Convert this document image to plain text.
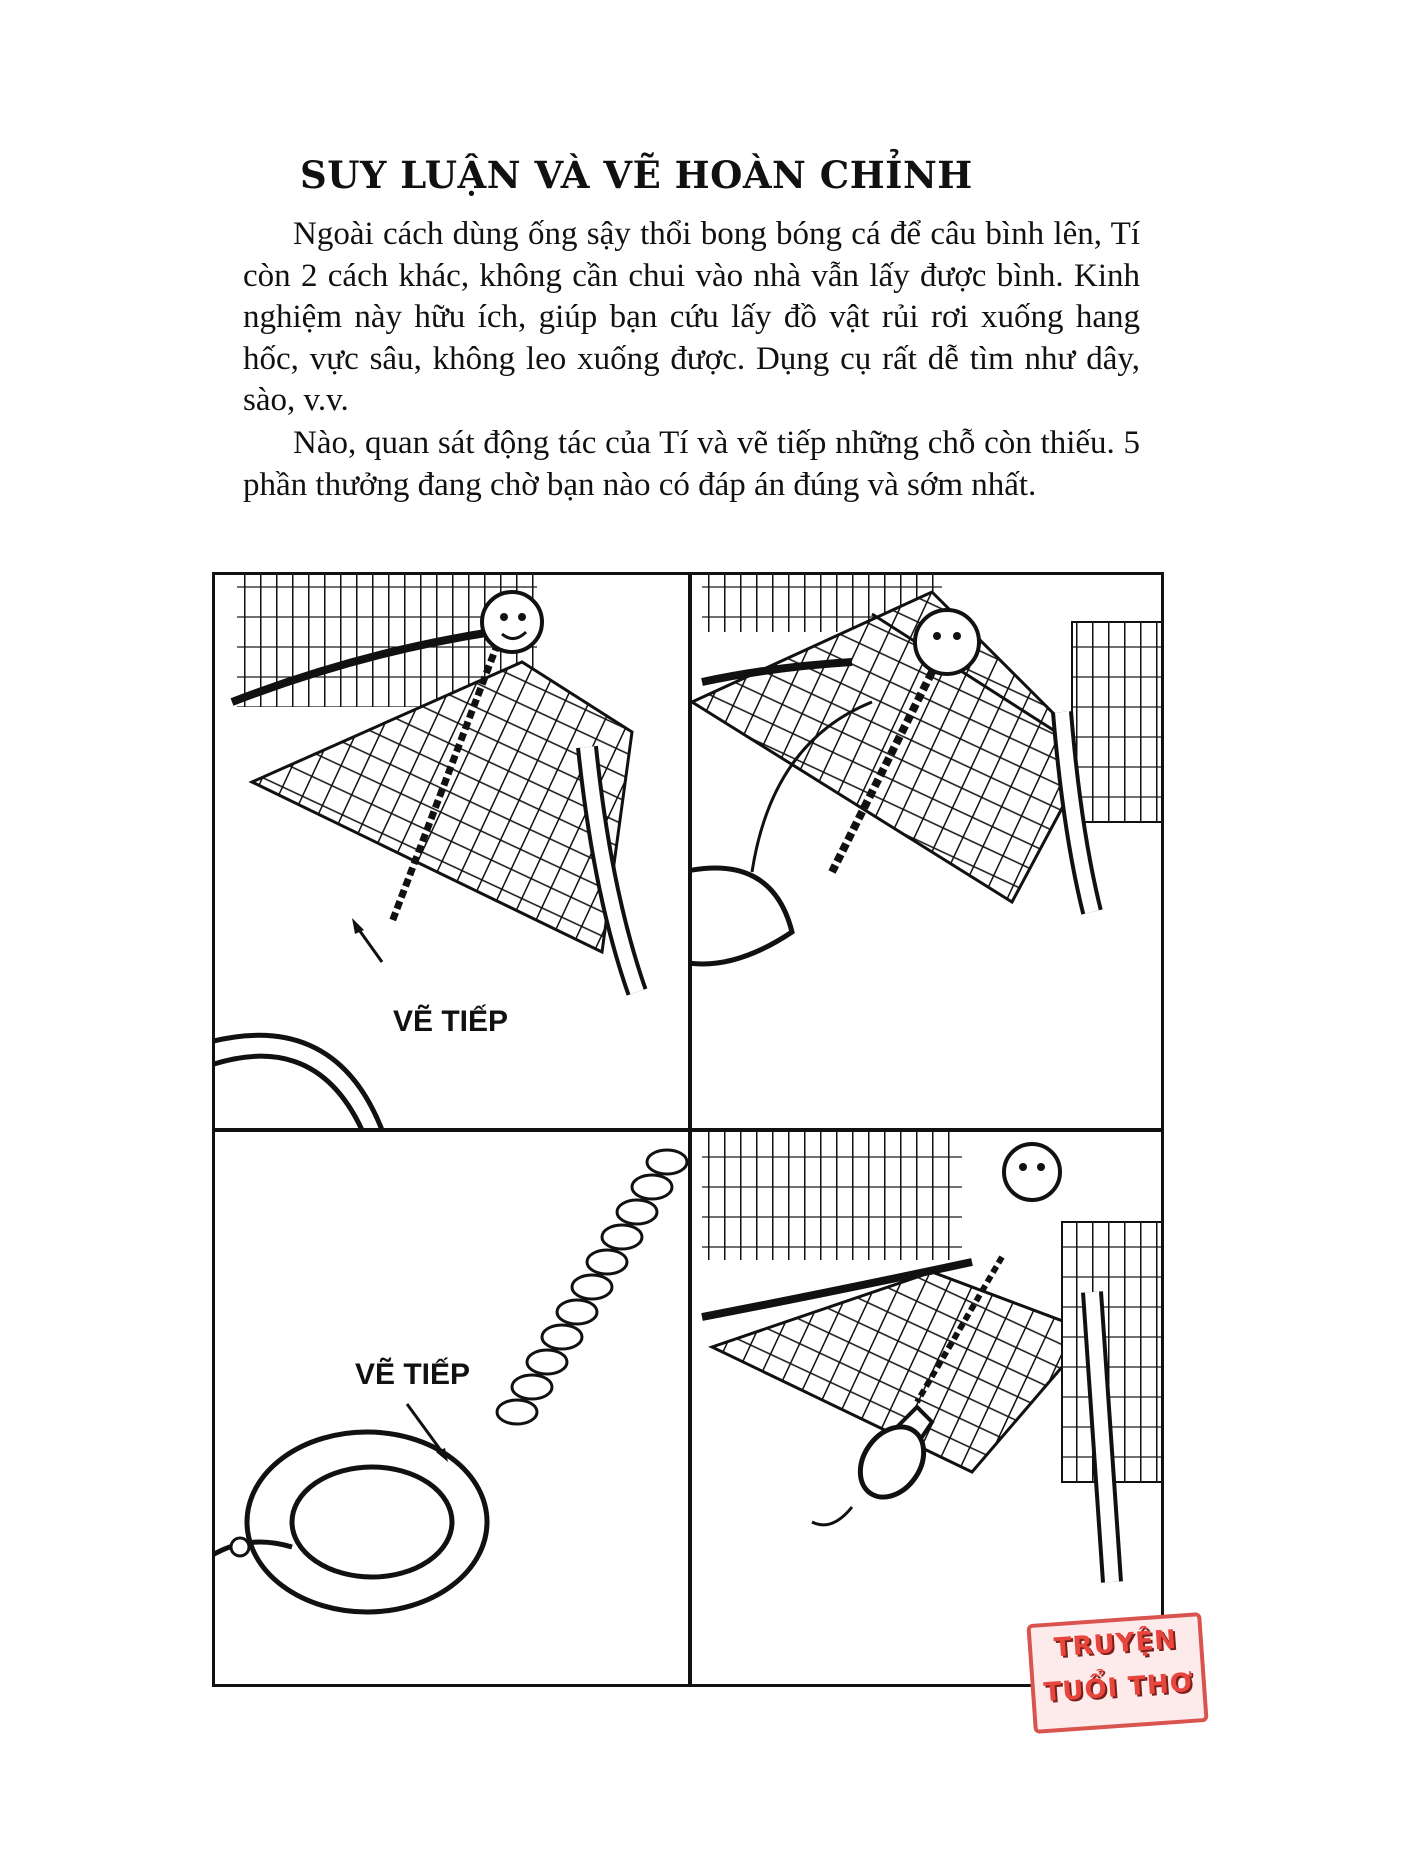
SUY LUẬN VÀ VẼ HOÀN CHỈNH

Ngoài cách dùng ống sậy thổi bong bóng cá để câu bình lên, Tí còn 2 cách khác, không cần chui vào nhà vẫn lấy được bình. Kinh nghiệm này hữu ích, giúp bạn cứu lấy đồ vật rủi rơi xuống hang hốc, vực sâu, không leo xuống được. Dụng cụ rất dễ tìm như dây, sào, v.v.

Nào, quan sát động tác của Tí và vẽ tiếp những chỗ còn thiếu. 5 phần thưởng đang chờ bạn nào có đáp án đúng và sớm nhất.

VẼ TIẾP
VẼ TIẾP
TRUYỆN
TUỔI THƠ
